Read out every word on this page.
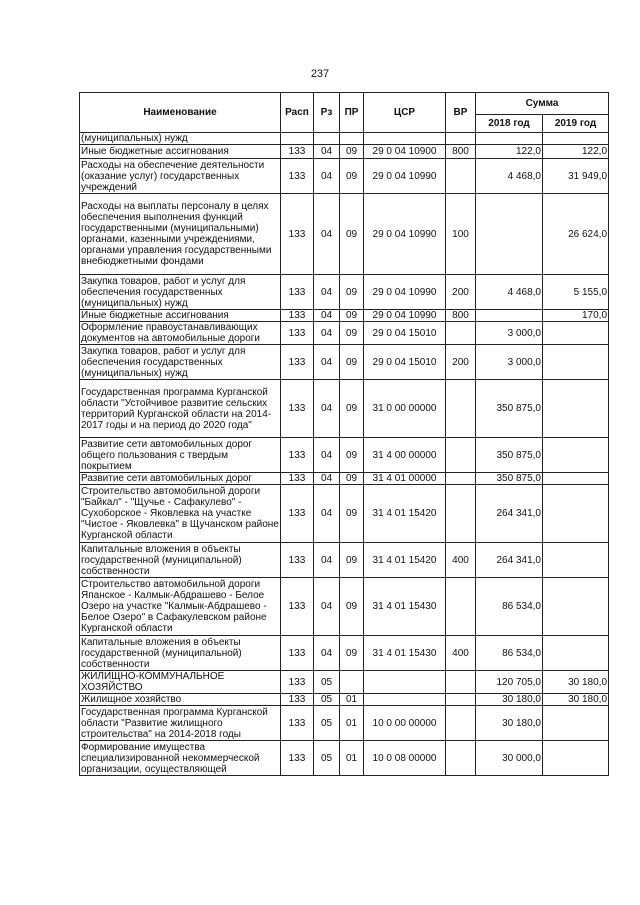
237
Наименование	Расп	Рз	ПР	ЦСР	ВР	Сумма	
						2018 год	2019 год
(муниципальных) нужд							
Иные бюджетные ассигнования	133	04	09	29 0 04 10900	800	122,0	122,0
Расходы на обеспечение деятельности (оказание услуг) государственных учреждений	133	04	09	29 0 04 10990		4 468,0	31 949,0
Расходы на выплаты персоналу в целях обеспечения выполнения функций государственными (муниципальными) органами, казенными учреждениями, органами управления государственными внебюджетными фондами	133	04	09	29 0 04 10990	100		26 624,0
Закупка товаров, работ и услуг для обеспечения государственных (муниципальных) нужд	133	04	09	29 0 04 10990	200	4 468,0	5 155,0
Иные бюджетные ассигнования	133	04	09	29 0 04 10990	800		170,0
Оформление правоустанавливающих документов на автомобильные дороги	133	04	09	29 0 04 15010		3 000,0	
Закупка товаров, работ и услуг для обеспечения государственных (муниципальных) нужд	133	04	09	29 0 04 15010	200	3 000,0	
Государственная программа Курганской области "Устойчивое развитие сельских территорий Курганской области на 2014-2017 годы и на период до 2020 года"	133	04	09	31 0 00 00000		350 875,0	
Развитие сети автомобильных дорог общего пользования с твердым покрытием	133	04	09	31 4 00 00000		350 875,0	
Развитие сети автомобильных дорог	133	04	09	31 4 01 00000		350 875,0	
Строительство автомобильной дороги "Байкал" - "Щучье - Сафакулево" - Сухоборское - Яковлевка на участке "Чистое - Яковлевка" в Щучанском районе Курганской области	133	04	09	31 4 01 15420		264 341,0	
Капитальные вложения в объекты государственной (муниципальной) собственности	133	04	09	31 4 01 15420	400	264 341,0	
Строительство автомобильной дороги Япанское - Калмык-Абдрашево - Белое Озеро на участке "Калмык-Абдрашево - Белое Озеро" в Сафакулевском районе Курганской области	133	04	09	31 4 01 15430		86 534,0	
Капитальные вложения в объекты государственной (муниципальной) собственности	133	04	09	31 4 01 15430	400	86 534,0	
ЖИЛИЩНО-КОММУНАЛЬНОЕ ХОЗЯЙСТВО	133	05				120 705,0	30 180,0
Жилищное хозяйство	133	05	01			30 180,0	30 180,0
Государственная программа Курганской области "Развитие жилищного строительства" на 2014-2018 годы	133	05	01	10 0 00 00000		30 180,0	
Формирование имущества специализированной некоммерческой организации, осуществляющей	133	05	01	10 0 08 00000		30 000,0	
